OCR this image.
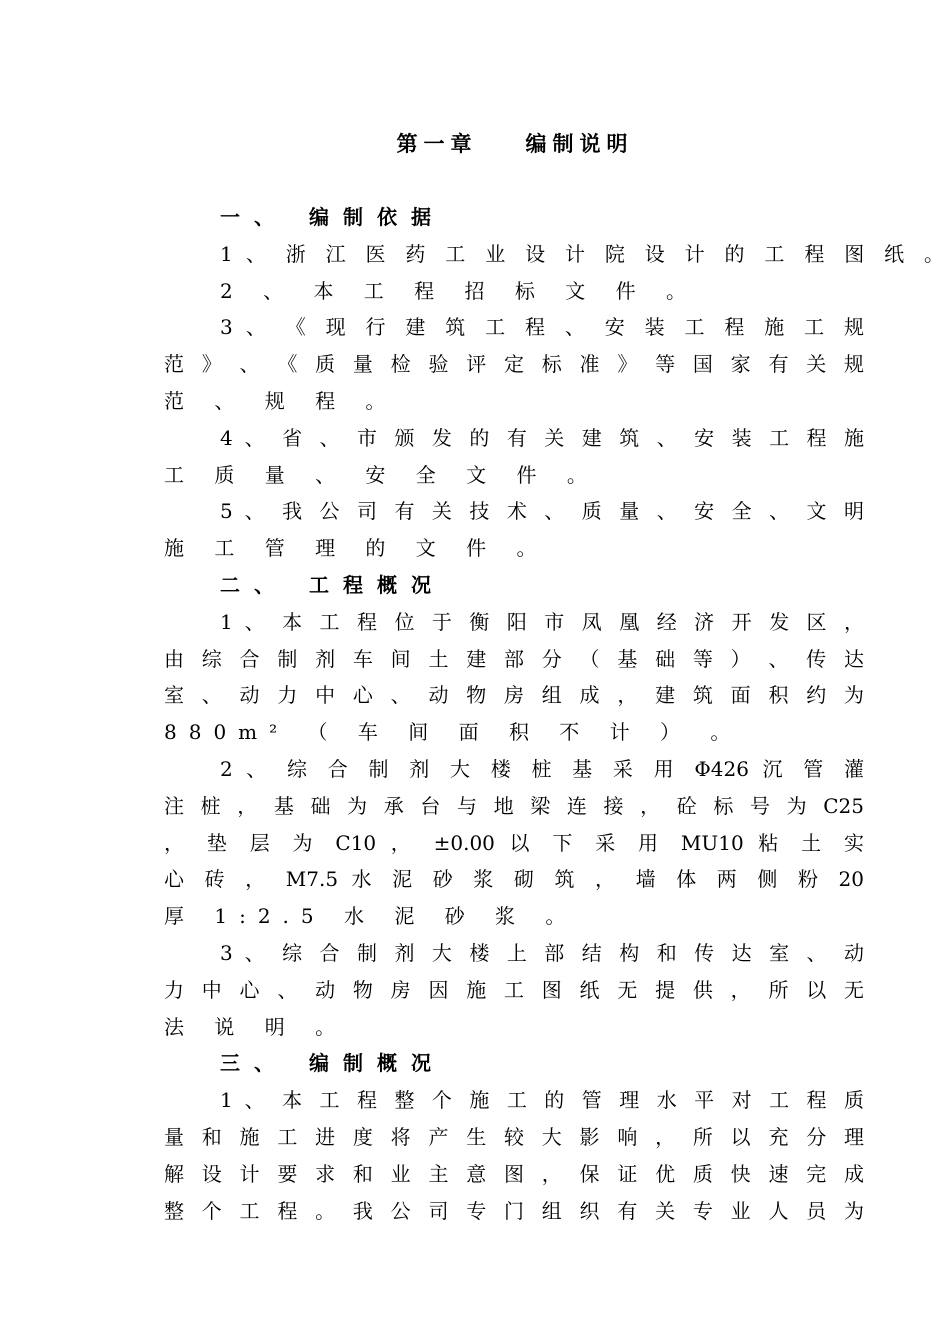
第一章 编制说明
一、 编制依据
1 、 浙 江 医 药 工 业 设 计 院 设 计 的 工 程 图 纸 。
2 、 本 工 程 招 标 文 件 。
3 、 《 现 行 建 筑 工 程 、 安 装 工 程 施 工 规
范 》 、 《 质 量 检 验 评 定 标 准 》 等 国 家 有 关 规
范 、 规 程 。
4 、 省 、 市 颁 发 的 有 关 建 筑 、 安 装 工 程 施
工 质 量 、 安 全 文 件 。
5 、 我 公 司 有 关 技 术 、 质 量 、 安 全 、 文 明
施 工 管 理 的 文 件 。
二、 工程概况
1 、 本 工 程 位 于 衡 阳 市 凤 凰 经 济 开 发 区 ，
由 综 合 制 剂 车 间 土 建 部 分 （ 基 础 等 ） 、 传 达
室 、 动 力 中 心 、 动 物 房 组 成 ， 建 筑 面 积 约 为
880m² （ 车 间 面 积 不 计 ） 。
2 、 综 合 制 剂 大 楼 桩 基 采 用 Φ426 沉 管 灌
注 桩 ， 基 础 为 承 台 与 地 梁 连 接 ， 砼 标 号 为 C25
， 垫 层 为 C10 ， ±0.00 以 下 采 用 MU10 粘 土 实
心 砖 ， M7.5 水 泥 砂 浆 砌 筑 ， 墙 体 两 侧 粉 20
厚 1:2.5 水 泥 砂 浆 。
3 、 综 合 制 剂 大 楼 上 部 结 构 和 传 达 室 、 动
力 中 心 、 动 物 房 因 施 工 图 纸 无 提 供 ， 所 以 无
法 说 明 。
三、 编制概况
1 、 本 工 程 整 个 施 工 的 管 理 水 平 对 工 程 质
量 和 施 工 进 度 将 产 生 较 大 影 响 ， 所 以 充 分 理
解 设 计 要 求 和 业 主 意 图 ， 保 证 优 质 快 速 完 成
整 个 工 程 。 我 公 司 专 门 组 织 有 关 专 业 人 员 为
